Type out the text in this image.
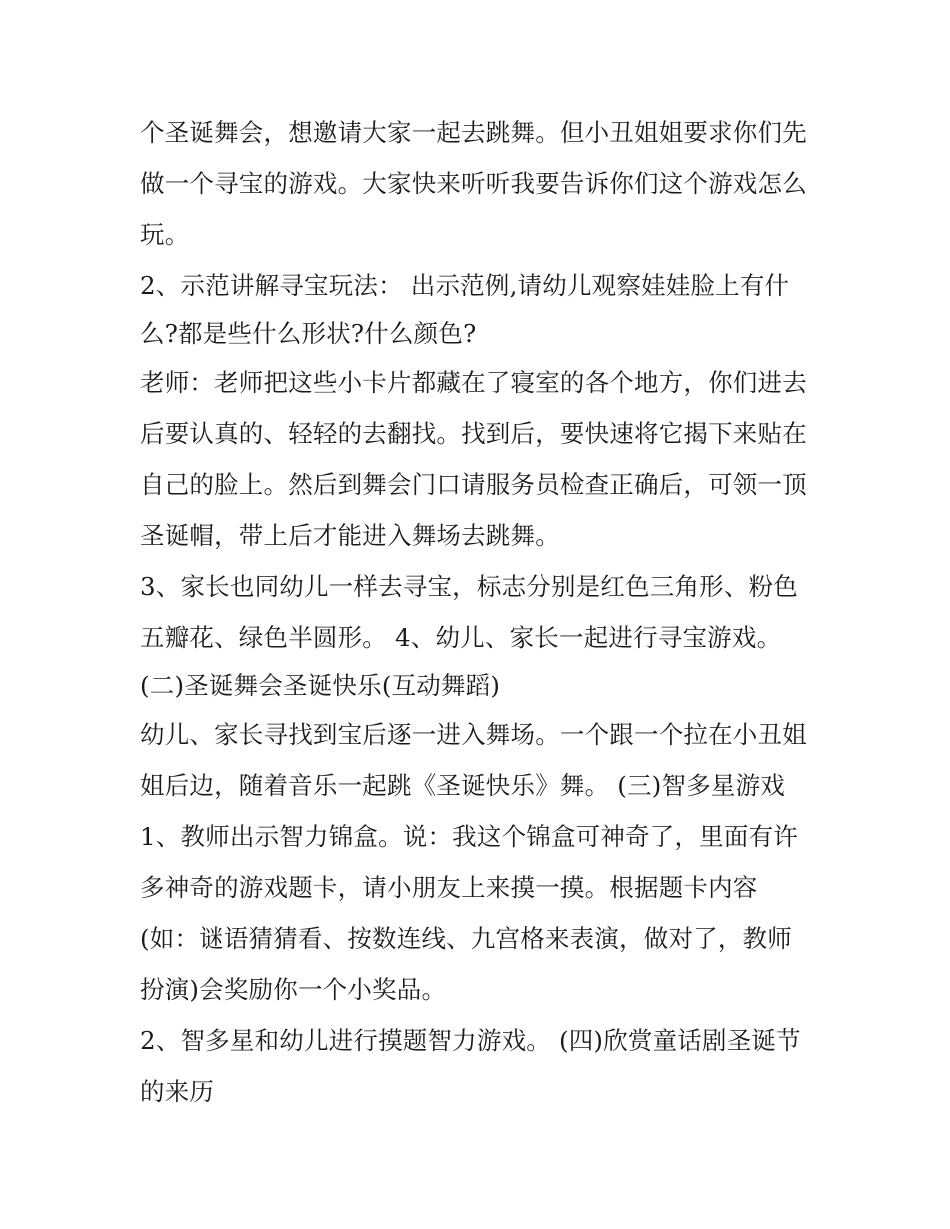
个圣诞舞会，想邀请大家一起去跳舞。但小丑姐姐要求你们先
做一个寻宝的游戏。大家快来听听我要告诉你们这个游戏怎么
玩。
2、示范讲解寻宝玩法： 出示范例,请幼儿观察娃娃脸上有什
么?都是些什么形状?什么颜色?
老师：老师把这些小卡片都藏在了寝室的各个地方，你们进去
后要认真的、轻轻的去翻找。找到后，要快速将它揭下来贴在
自己的脸上。然后到舞会门口请服务员检查正确后，可领一顶
圣诞帽，带上后才能进入舞场去跳舞。
3、家长也同幼儿一样去寻宝，标志分别是红色三角形、粉色
五瓣花、绿色半圆形。 4、幼儿、家长一起进行寻宝游戏。
(二)圣诞舞会圣诞快乐(互动舞蹈)
幼儿、家长寻找到宝后逐一进入舞场。一个跟一个拉在小丑姐
姐后边，随着音乐一起跳《圣诞快乐》舞。 (三)智多星游戏
1、教师出示智力锦盒。说：我这个锦盒可神奇了，里面有许
多神奇的游戏题卡，请小朋友上来摸一摸。根据题卡内容
(如：谜语猜猜看、按数连线、九宫格来表演，做对了，教师
扮演)会奖励你一个小奖品。
2、智多星和幼儿进行摸题智力游戏。 (四)欣赏童话剧圣诞节
的来历
